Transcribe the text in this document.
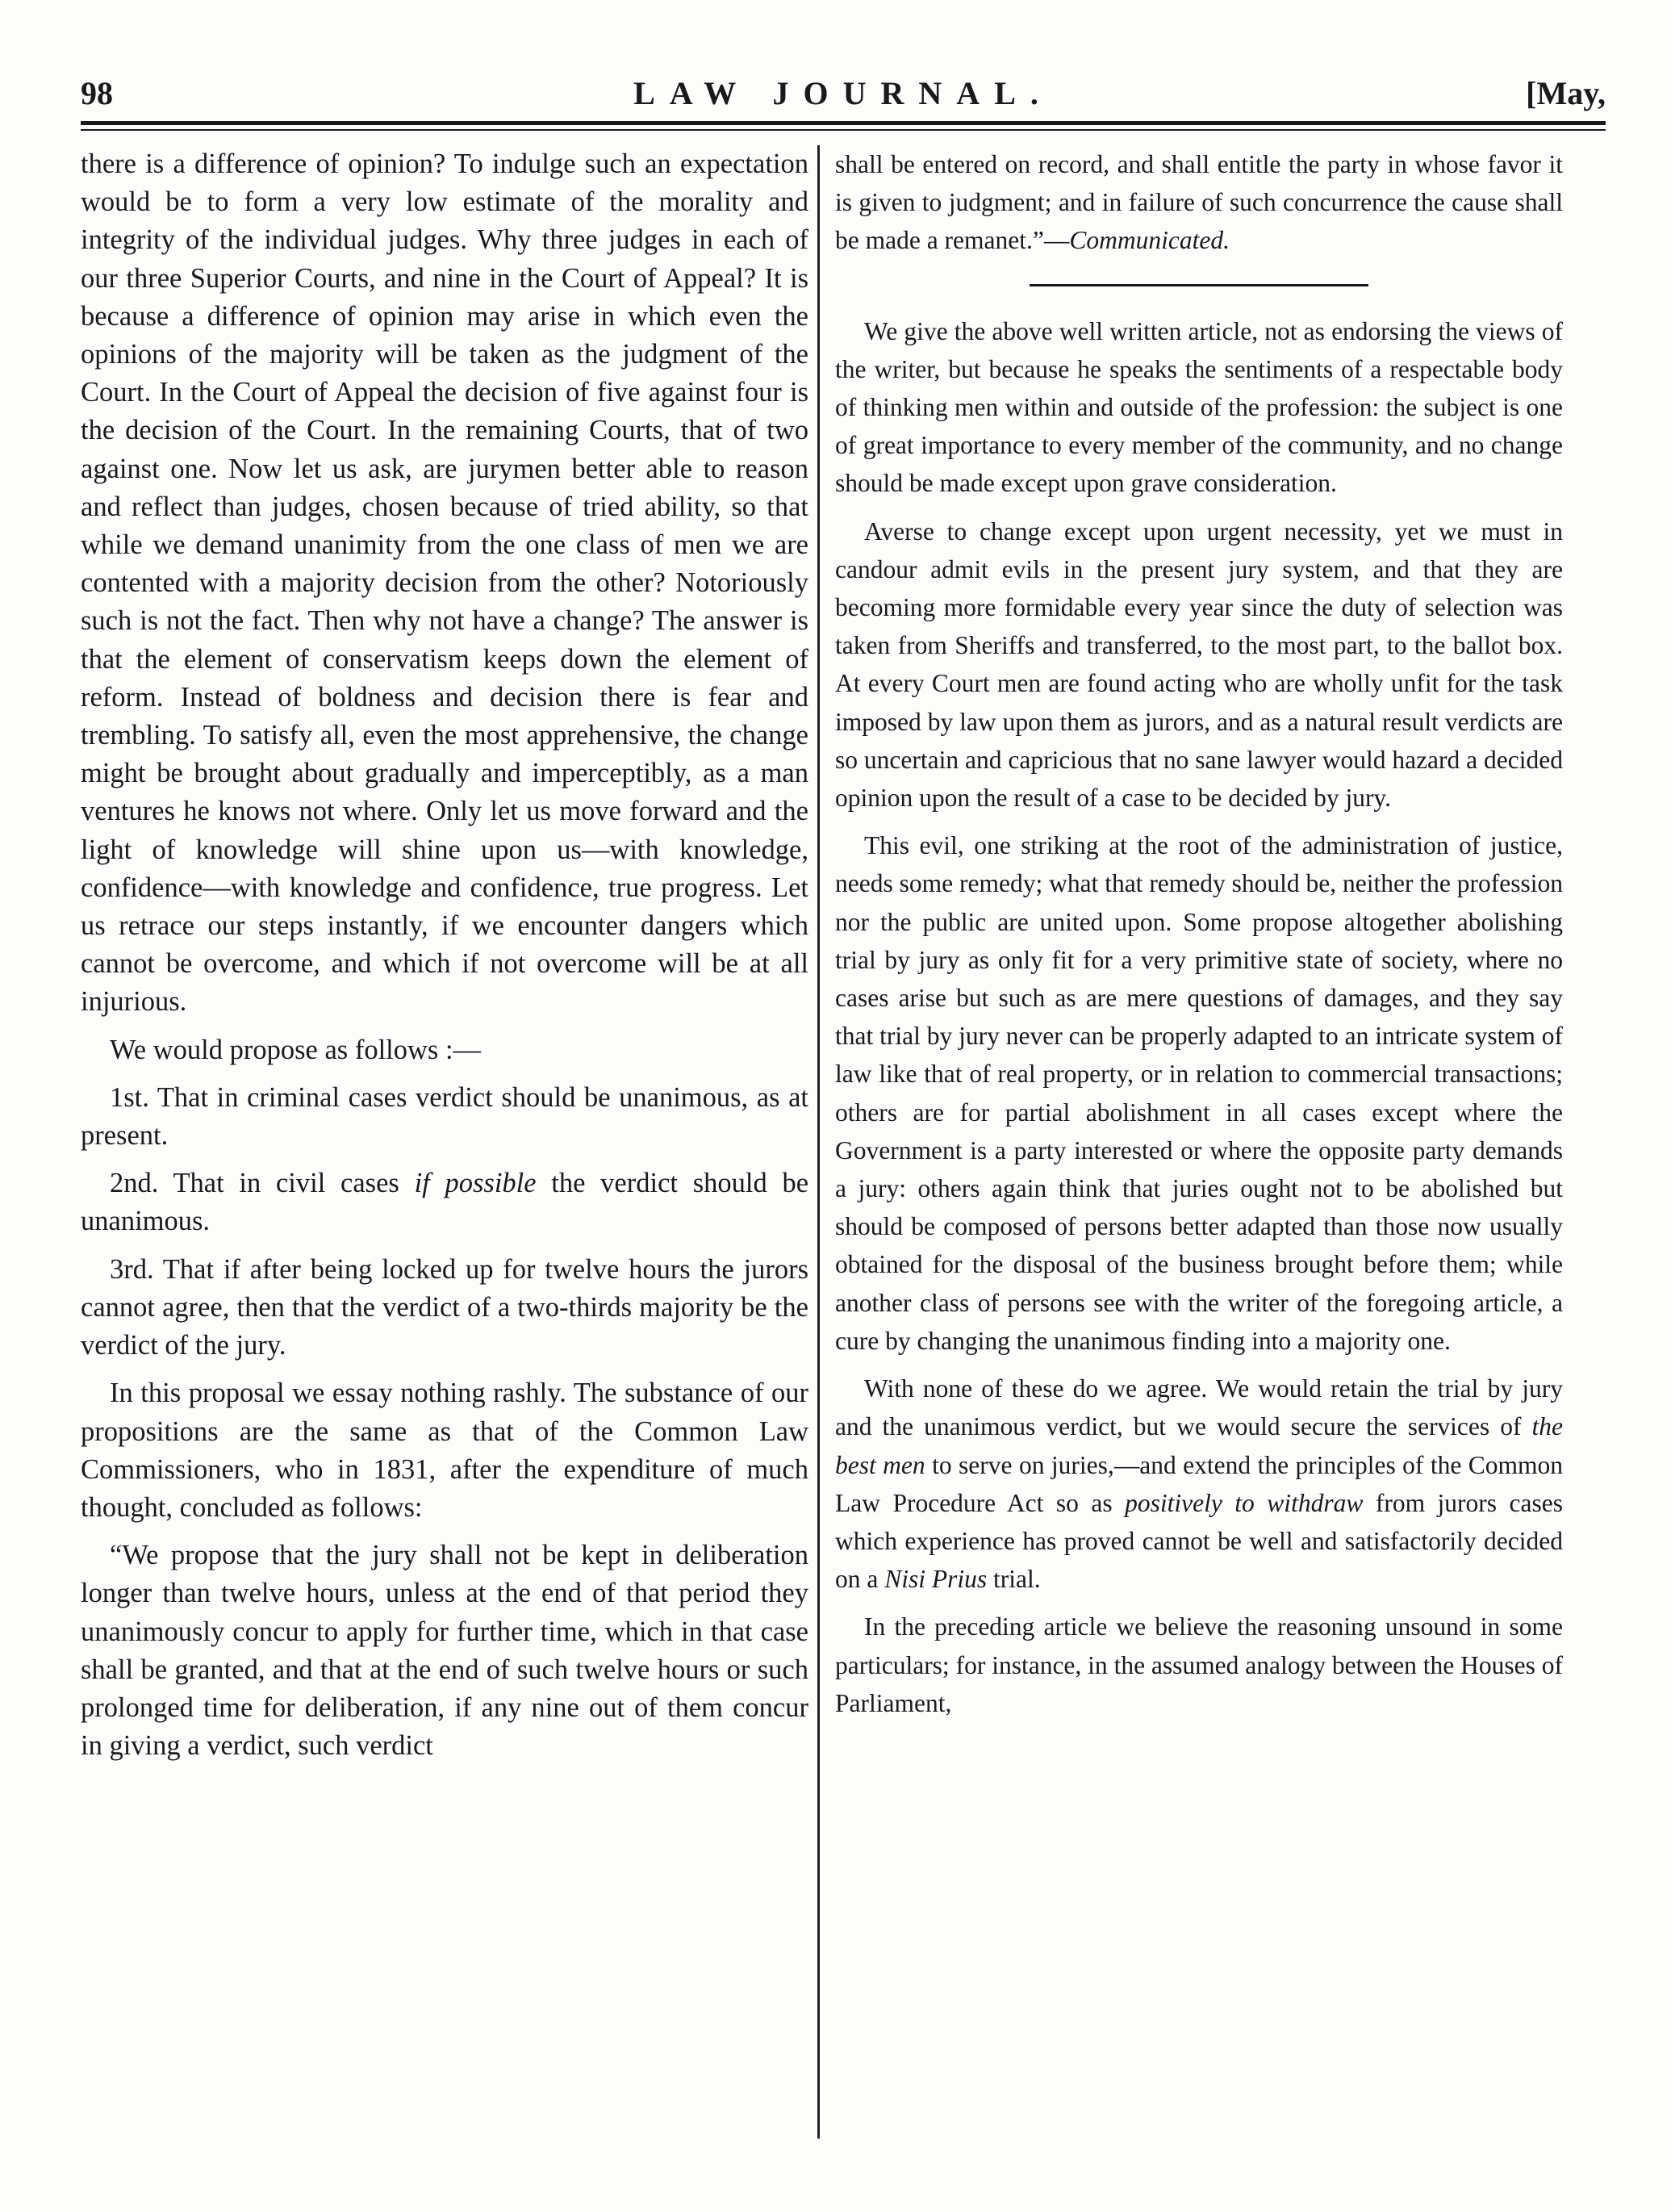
98	LAW JOURNAL.	[May,

there is a difference of opinion? To indulge such an expectation would be to form a very low estimate of the morality and integrity of the individual judges. Why three judges in each of our three Superior Courts, and nine in the Court of Appeal? It is because a difference of opinion may arise in which even the opinions of the majority will be taken as the judgment of the Court. In the Court of Appeal the decision of five against four is the decision of the Court. In the remaining Courts, that of two against one. Now let us ask, are jurymen better able to reason and reflect than judges, chosen because of tried ability, so that while we demand unanimity from the one class of men we are contented with a majority decision from the other? Notoriously such is not the fact. Then why not have a change? The answer is that the element of conservatism keeps down the element of reform. Instead of boldness and decision there is fear and trembling. To satisfy all, even the most apprehensive, the change might be brought about gradually and imperceptibly, as a man ventures he knows not where. Only let us move forward and the light of knowledge will shine upon us—with knowledge, confidence—with knowledge and confidence, true progress. Let us retrace our steps instantly, if we encounter dangers which cannot be overcome, and which if not overcome will be at all injurious.

We would propose as follows :—

1st. That in criminal cases verdict should be unanimous, as at present.

2nd. That in civil cases if possible the verdict should be unanimous.

3rd. That if after being locked up for twelve hours the jurors cannot agree, then that the verdict of a two-thirds majority be the verdict of the jury.

In this proposal we essay nothing rashly. The substance of our propositions are the same as that of the Common Law Commissioners, who in 1831, after the expenditure of much thought, concluded as follows:

“We propose that the jury shall not be kept in deliberation longer than twelve hours, unless at the end of that period they unanimously concur to apply for further time, which in that case shall be granted, and that at the end of such twelve hours or such prolonged time for deliberation, if any nine out of them concur in giving a verdict, such verdict

shall be entered on record, and shall entitle the party in whose favor it is given to judgment; and in failure of such concurrence the cause shall be made a remanet.”—Communicated.

We give the above well written article, not as endorsing the views of the writer, but because he speaks the sentiments of a respectable body of thinking men within and outside of the profession: the subject is one of great importance to every member of the community, and no change should be made except upon grave consideration.

Averse to change except upon urgent necessity, yet we must in candour admit evils in the present jury system, and that they are becoming more formidable every year since the duty of selection was taken from Sheriffs and transferred, to the most part, to the ballot box. At every Court men are found acting who are wholly unfit for the task imposed by law upon them as jurors, and as a natural result verdicts are so uncertain and capricious that no sane lawyer would hazard a decided opinion upon the result of a case to be decided by jury.

This evil, one striking at the root of the administration of justice, needs some remedy; what that remedy should be, neither the profession nor the public are united upon. Some propose altogether abolishing trial by jury as only fit for a very primitive state of society, where no cases arise but such as are mere questions of damages, and they say that trial by jury never can be properly adapted to an intricate system of law like that of real property, or in relation to commercial transactions; others are for partial abolishment in all cases except where the Government is a party interested or where the opposite party demands a jury: others again think that juries ought not to be abolished but should be composed of persons better adapted than those now usually obtained for the disposal of the business brought before them; while another class of persons see with the writer of the foregoing article, a cure by changing the unanimous finding into a majority one.

With none of these do we agree. We would retain the trial by jury and the unanimous verdict, but we would secure the services of the best men to serve on juries,—and extend the principles of the Common Law Procedure Act so as positively to withdraw from jurors cases which experience has proved cannot be well and satisfactorily decided on a Nisi Prius trial.

In the preceding article we believe the reasoning unsound in some particulars; for instance, in the assumed analogy between the Houses of Parliament,
